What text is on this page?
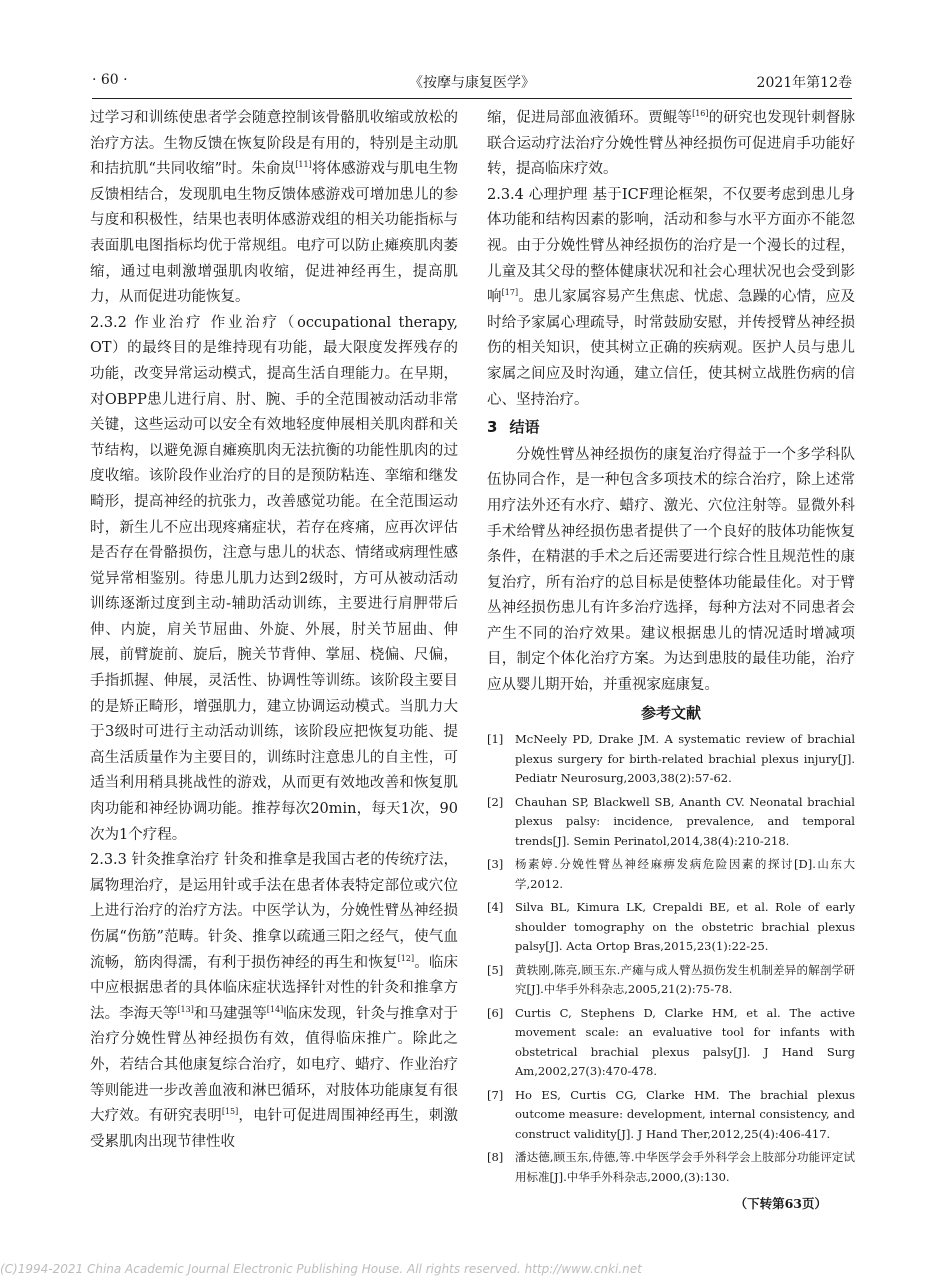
· 60 ·	《按摩与康复医学》	2021年第12卷

过学习和训练使患者学会随意控制该骨骼肌收缩或放松的治疗方法。生物反馈在恢复阶段是有用的，特别是主动肌和拮抗肌“共同收缩”时。朱俞岚[11]将体感游戏与肌电生物反馈相结合，发现肌电生物反馈体感游戏可增加患儿的参与度和积极性，结果也表明体感游戏组的相关功能指标与表面肌电图指标均优于常规组。电疗可以防止瘫痪肌肉萎缩，通过电刺激增强肌肉收缩，促进神经再生，提高肌力，从而促进功能恢复。

2.3.2 作业治疗 作业治疗（occupational therapy, OT）的最终目的是维持现有功能，最大限度发挥残存的功能，改变异常运动模式，提高生活自理能力。在早期，对OBPP患儿进行肩、肘、腕、手的全范围被动活动非常关键，这些运动可以安全有效地轻度伸展相关肌肉群和关节结构，以避免源自瘫痪肌肉无法抗衡的功能性肌肉的过度收缩。该阶段作业治疗的目的是预防粘连、挛缩和继发畸形，提高神经的抗张力，改善感觉功能。在全范围运动时，新生儿不应出现疼痛症状，若存在疼痛，应再次评估是否存在骨骼损伤，注意与患儿的状态、情绪或病理性感觉异常相鉴别。待患儿肌力达到2级时，方可从被动活动训练逐渐过度到主动-辅助活动训练，主要进行肩胛带后伸、内旋，肩关节屈曲、外旋、外展，肘关节屈曲、伸展，前臂旋前、旋后，腕关节背伸、掌屈、桡偏、尺偏，手指抓握、伸展，灵活性、协调性等训练。该阶段主要目的是矫正畸形，增强肌力，建立协调运动模式。当肌力大于3级时可进行主动活动训练，该阶段应把恢复功能、提高生活质量作为主要目的，训练时注意患儿的自主性，可适当利用稍具挑战性的游戏，从而更有效地改善和恢复肌肉功能和神经协调功能。推荐每次20min，每天1次，90次为1个疗程。

2.3.3 针灸推拿治疗 针灸和推拿是我国古老的传统疗法，属物理治疗，是运用针或手法在患者体表特定部位或穴位上进行治疗的治疗方法。中医学认为，分娩性臂丛神经损伤属“伤筋”范畴。针灸、推拿以疏通三阳之经气，使气血流畅，筋肉得濡，有利于损伤神经的再生和恢复[12]。临床中应根据患者的具体临床症状选择针对性的针灸和推拿方法。李海天等[13]和马建强等[14]临床发现，针灸与推拿对于治疗分娩性臂丛神经损伤有效，值得临床推广。除此之外，若结合其他康复综合治疗，如电疗、蜡疗、作业治疗等则能进一步改善血液和淋巴循环，对肢体功能康复有很大疗效。有研究表明[15]，电针可促进周围神经再生，刺激受累肌肉出现节律性收

缩，促进局部血液循环。贾鲲等[16]的研究也发现针刺督脉联合运动疗法治疗分娩性臂丛神经损伤可促进肩手功能好转，提高临床疗效。

2.3.4 心理护理 基于ICF理论框架，不仅要考虑到患儿身体功能和结构因素的影响，活动和参与水平方面亦不能忽视。由于分娩性臂丛神经损伤的治疗是一个漫长的过程，儿童及其父母的整体健康状况和社会心理状况也会受到影响[17]。患儿家属容易产生焦虑、忧虑、急躁的心情，应及时给予家属心理疏导，时常鼓励安慰，并传授臂丛神经损伤的相关知识，使其树立正确的疾病观。医护人员与患儿家属之间应及时沟通，建立信任，使其树立战胜伤病的信心、坚持治疗。

3 结语

分娩性臂丛神经损伤的康复治疗得益于一个多学科队伍协同合作，是一种包含多项技术的综合治疗，除上述常用疗法外还有水疗、蜡疗、激光、穴位注射等。显微外科手术给臂丛神经损伤患者提供了一个良好的肢体功能恢复条件，在精湛的手术之后还需要进行综合性且规范性的康复治疗，所有治疗的总目标是使整体功能最佳化。对于臂丛神经损伤患儿有许多治疗选择，每种方法对不同患者会产生不同的治疗效果。建议根据患儿的情况适时增减项目，制定个体化治疗方案。为达到患肢的最佳功能，治疗应从婴儿期开始，并重视家庭康复。

参考文献
[1]	McNeely PD, Drake JM. A systematic review of brachial plexus surgery for birth-related brachial plexus injury[J]. Pediatr Neurosurg,2003,38(2):57-62.
[2]	Chauhan SP, Blackwell SB, Ananth CV. Neonatal brachial plexus palsy: incidence, prevalence, and temporal trends[J]. Semin Perinatol,2014,38(4):210-218.
[3]	杨素婷.分娩性臂丛神经麻痹发病危险因素的探讨[D].山东大学,2012.
[4]	Silva BL, Kimura LK, Crepaldi BE, et al. Role of early shoulder tomography on the obstetric brachial plexus palsy[J]. Acta Ortop Bras,2015,23(1):22-25.
[5]	黄轶刚,陈亮,顾玉东.产瘫与成人臂丛损伤发生机制差异的解剖学研究[J].中华手外科杂志,2005,21(2):75-78.
[6]	Curtis C, Stephens D, Clarke HM, et al. The active movement scale: an evaluative tool for infants with obstetrical brachial plexus palsy[J]. J Hand Surg Am,2002,27(3):470-478.
[7]	Ho ES, Curtis CG, Clarke HM. The brachial plexus outcome measure: development, internal consistency, and construct validity[J]. J Hand Ther,2012,25(4):406-417.
[8]	潘达德,顾玉东,侍德,等.中华医学会手外科学会上肢部分功能评定试用标准[J].中华手外科杂志,2000,(3):130.
（下转第63页）
(C)1994-2021 China Academic Journal Electronic Publishing House. All rights reserved. http://www.cnki.net
